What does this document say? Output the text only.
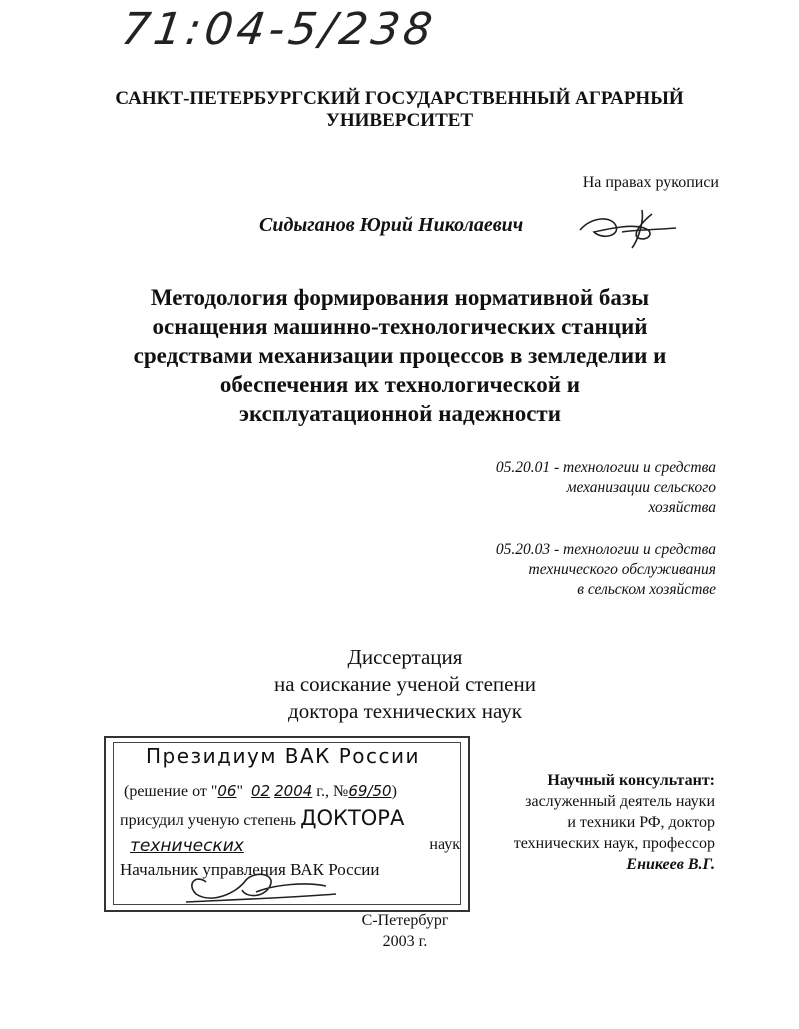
71:04-5/238
САНКТ-ПЕТЕРБУРГСКИЙ ГОСУДАРСТВЕННЫЙ АГРАРНЫЙ УНИВЕРСИТЕТ
На правах рукописи
Сидыганов Юрий Николаевич
Методология формирования нормативной базы
оснащения машинно-технологических станций
средствами механизации процессов в земледелии и
обеспечения их технологической и
эксплуатационной надежности
05.20.01 - технологии и средства
механизации сельского
хозяйства
05.20.03 - технологии и средства
технического обслуживания
в сельском хозяйстве
Диссертация
на соискание ученой степени
доктора технических наук
Президиум ВАК России
(решение от "06"  02 2004 г., №69/50)
присудил ученую степень ДОКТОРА
технических	наук
Начальник управления ВАК России
Научный консультант:
заслуженный деятель науки
и техники РФ, доктор
технических наук, профессор
Еникеев В.Г.
С-Петербург
2003 г.
